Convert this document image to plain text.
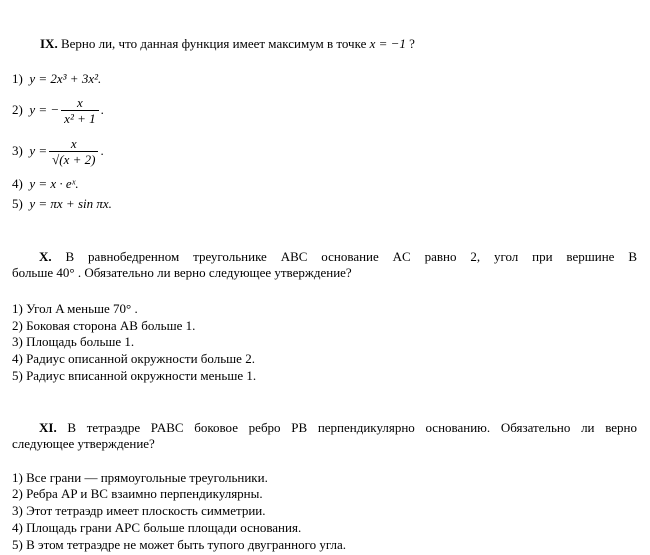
IX. Верно ли, что данная функция имеет максимум в точке x = −1 ?
1) y = 2x³ + 3x².
2) y = − $\frac{x}{\text{x² + 1}}$ .
3) $y = \frac{x}{√(x + 2)}$ .
4) y = x · eˣ.
5) y = πx + sin πx.
X. В равнобедренном треугольнике ABC основание AC равно 2, угол при вершине B
больше 40° . Обязательно ли верно следующее утверждение?
1) Угол A меньше 70° .
2) Боковая сторона AB больше 1.
3) Площадь больше 1.
4) Радиус описанной окружности больше 2.
5) Радиус вписанной окружности меньше 1.
XI. В тетраэдре PABC боковое ребро PB перпендикулярно основанию. Обязательно ли верно
следующее утверждение?
1) Все грани — прямоугольные треугольники.
2) Ребра AP и BC взаимно перпендикулярны.
3) Этот тетраэдр имеет плоскость симметрии.
4) Площадь грани APC больше площади основания.
5) В этом тетраэдре не может быть тупого двугранного угла.
